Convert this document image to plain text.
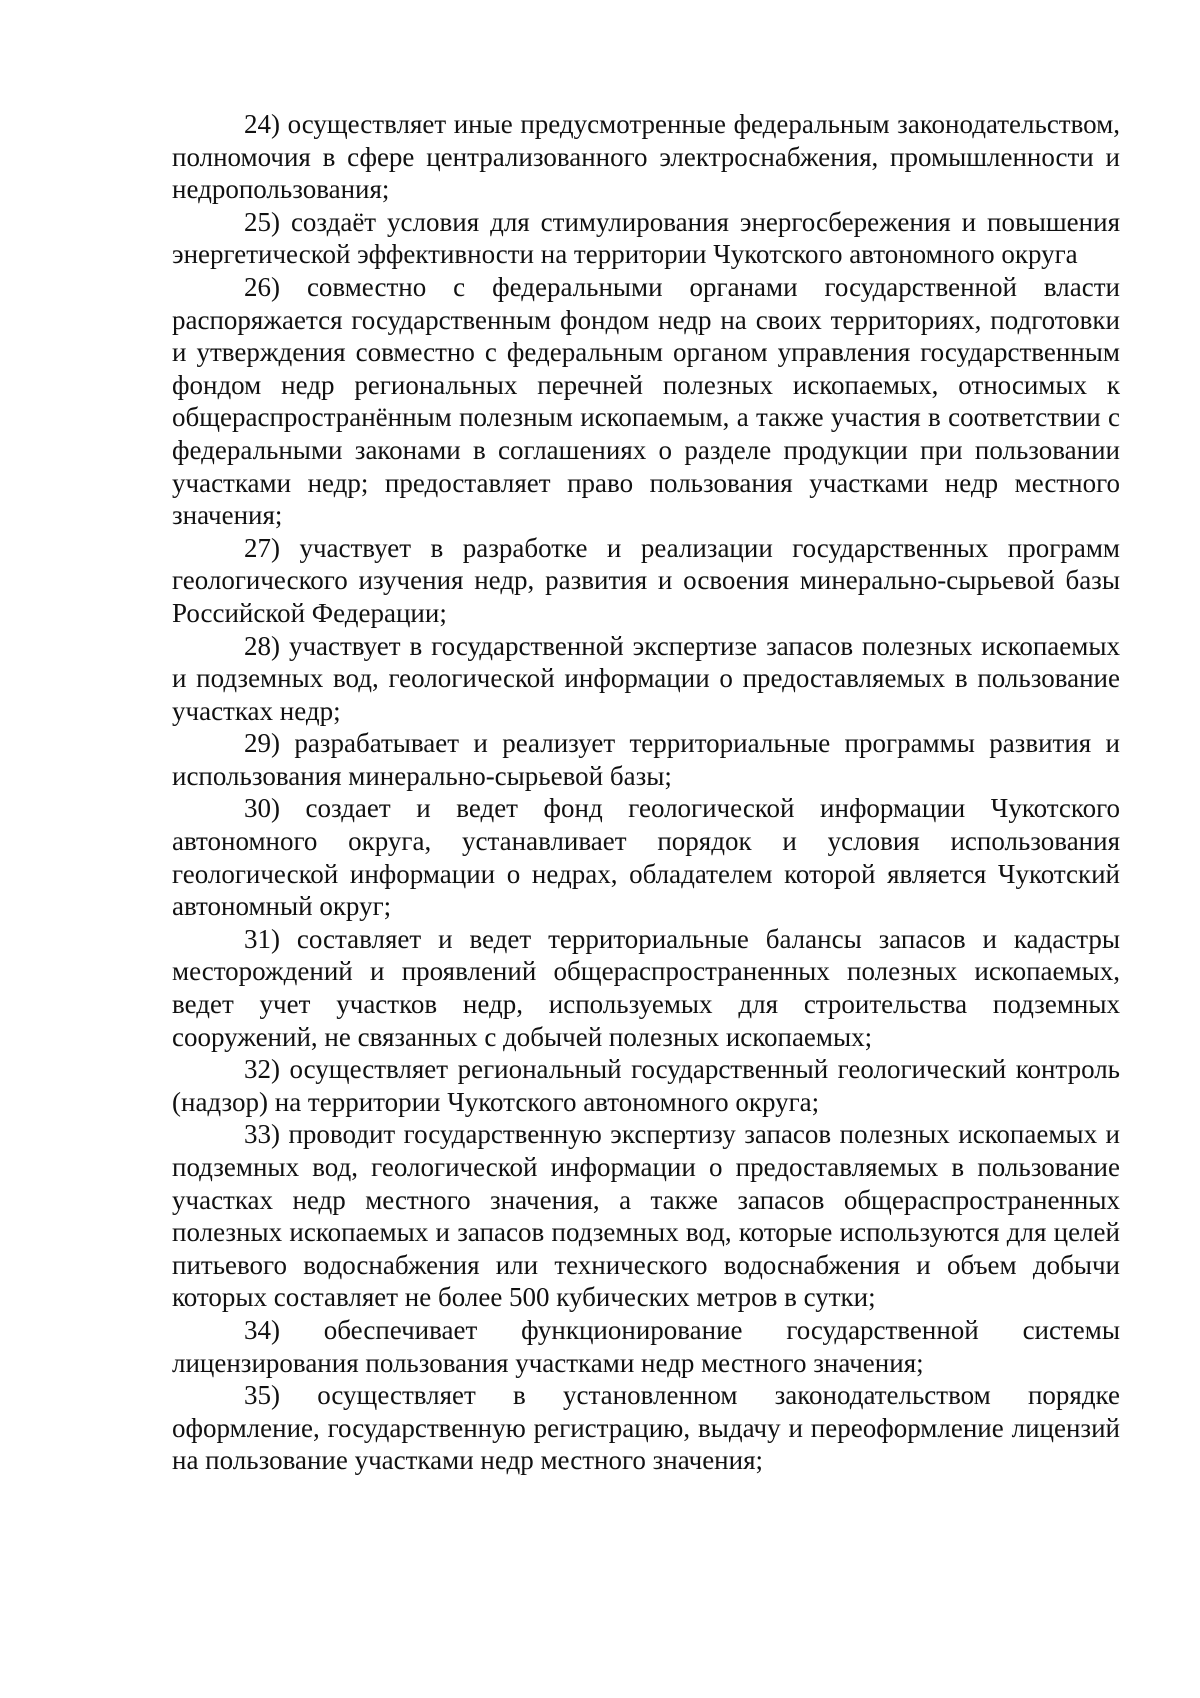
24) осуществляет иные предусмотренные федеральным законодательством, полномочия в сфере централизованного электроснабжения, промышленности и недропользования;

25) создаёт условия для стимулирования энергосбережения и повышения энергетической эффективности на территории Чукотского автономного округа

26) совместно с федеральными органами государственной власти распоряжается государственным фондом недр на своих территориях, подготовки и утверждения совместно с федеральным органом управления государственным фондом недр региональных перечней полезных ископаемых, относимых к общераспространённым полезным ископаемым, а также участия в соответствии с федеральными законами в соглашениях о разделе продукции при пользовании участками недр; предоставляет право пользования участками недр местного значения;

27) участвует в разработке и реализации государственных программ геологического изучения недр, развития и освоения минерально-сырьевой базы Российской Федерации;

28) участвует в государственной экспертизе запасов полезных ископаемых и подземных вод, геологической информации о предоставляемых в пользование участках недр;

29) разрабатывает и реализует территориальные программы развития и использования минерально-сырьевой базы;

30) создает и ведет фонд геологической информации Чукотского автономного округа, устанавливает порядок и условия использования геологической информации о недрах, обладателем которой является Чукотский автономный округ;

31) составляет и ведет территориальные балансы запасов и кадастры месторождений и проявлений общераспространенных полезных ископаемых, ведет учет участков недр, используемых для строительства подземных сооружений, не связанных с добычей полезных ископаемых;

32) осуществляет региональный государственный геологический контроль (надзор) на территории Чукотского автономного округа;

33) проводит государственную экспертизу запасов полезных ископаемых и подземных вод, геологической информации о предоставляемых в пользование участках недр местного значения, а также запасов общераспространенных полезных ископаемых и запасов подземных вод, которые используются для целей питьевого водоснабжения или технического водоснабжения и объем добычи которых составляет не более 500 кубических метров в сутки;

34) обеспечивает функционирование государственной системы лицензирования пользования участками недр местного значения;

35) осуществляет в установленном законодательством порядке оформление, государственную регистрацию, выдачу и переоформление лицензий на пользование участками недр местного значения;
